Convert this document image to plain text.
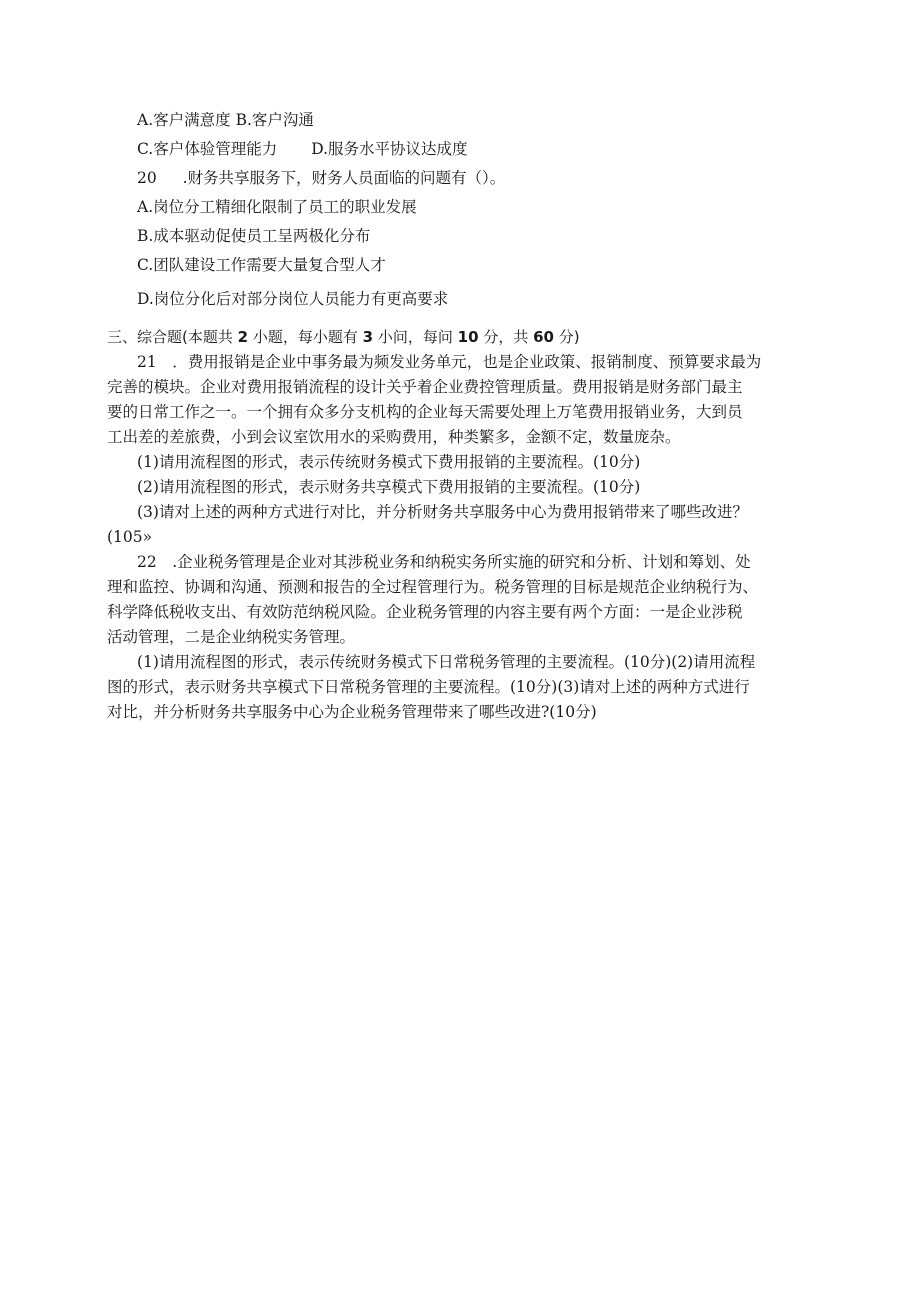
A.客户满意度 B.客户沟通
C.客户体验管理能力 D.服务水平协议达成度
20 .财务共享服务下，财务人员面临的问题有（）。
A.岗位分工精细化限制了员工的职业发展
B.成本驱动促使员工呈两极化分布
C.团队建设工作需要大量复合型人才
D.岗位分化后对部分岗位人员能力有更高要求
三、综合题(本题共 2 小题，每小题有 3 小问，每问 10 分，共 60 分)
21　．费用报销是企业中事务最为频发业务单元，也是企业政策、报销制度、预算要求最为
完善的模块。企业对费用报销流程的设计关乎着企业费控管理质量。费用报销是财务部门最主
要的日常工作之一。一个拥有众多分支机构的企业每天需要处理上万笔费用报销业务，大到员
工出差的差旅费，小到会议室饮用水的采购费用，种类繁多，金额不定，数量庞杂。
(1)请用流程图的形式，表示传统财务模式下费用报销的主要流程。(10分)
(2)请用流程图的形式，表示财务共享模式下费用报销的主要流程。(10分)
(3)请对上述的两种方式进行对比，并分析财务共享服务中心为费用报销带来了哪些改进？
(105»
22　.企业税务管理是企业对其涉税业务和纳税实务所实施的研究和分析、计划和筹划、处
理和监控、协调和沟通、预测和报告的全过程管理行为。税务管理的目标是规范企业纳税行为、
科学降低税收支出、有效防范纳税风险。企业税务管理的内容主要有两个方面：一是企业涉税
活动管理，二是企业纳税实务管理。
(1)请用流程图的形式，表示传统财务模式下日常税务管理的主要流程。(10分)(2)请用流程
图的形式，表示财务共享模式下日常税务管理的主要流程。(10分)(3)请对上述的两种方式进行
对比，并分析财务共享服务中心为企业税务管理带来了哪些改进?(10分)
